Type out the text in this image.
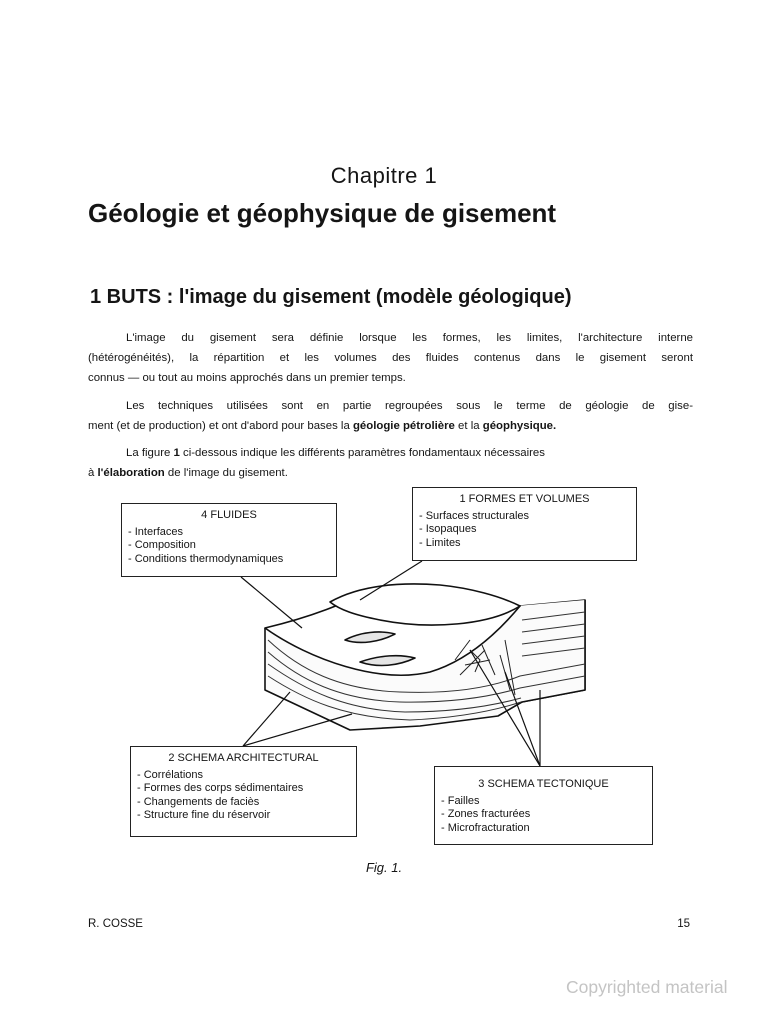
Chapitre 1
Géologie et géophysique de gisement
1 BUTS : l'image du gisement (modèle géologique)
L'image du gisement sera définie lorsque les formes, les limites, l'architecture interne
(hétérogénéités), la répartition et les volumes des fluides contenus dans le gisement seront
connus — ou tout au moins approchés dans un premier temps.
Les techniques utilisées sont en partie regroupées sous le terme de géologie de gise-
ment (et de production) et ont d'abord pour bases la géologie pétrolière et la géophysique.
La figure 1 ci-dessous indique les différents paramètres fondamentaux nécessaires
à l'élaboration de l'image du gisement.
4 FLUIDES
- Interfaces
- Composition
- Conditions thermodynamiques
1 FORMES ET VOLUMES
- Surfaces structurales
- Isopaques
- Limites
2 SCHEMA ARCHITECTURAL
- Corrélations
- Formes des corps sédimentaires
- Changements de faciès
- Structure fine du réservoir
3 SCHEMA TECTONIQUE
- Failles
- Zones fracturées
- Microfracturation
Fig. 1.
R. COSSE	15
Copyrighted material
